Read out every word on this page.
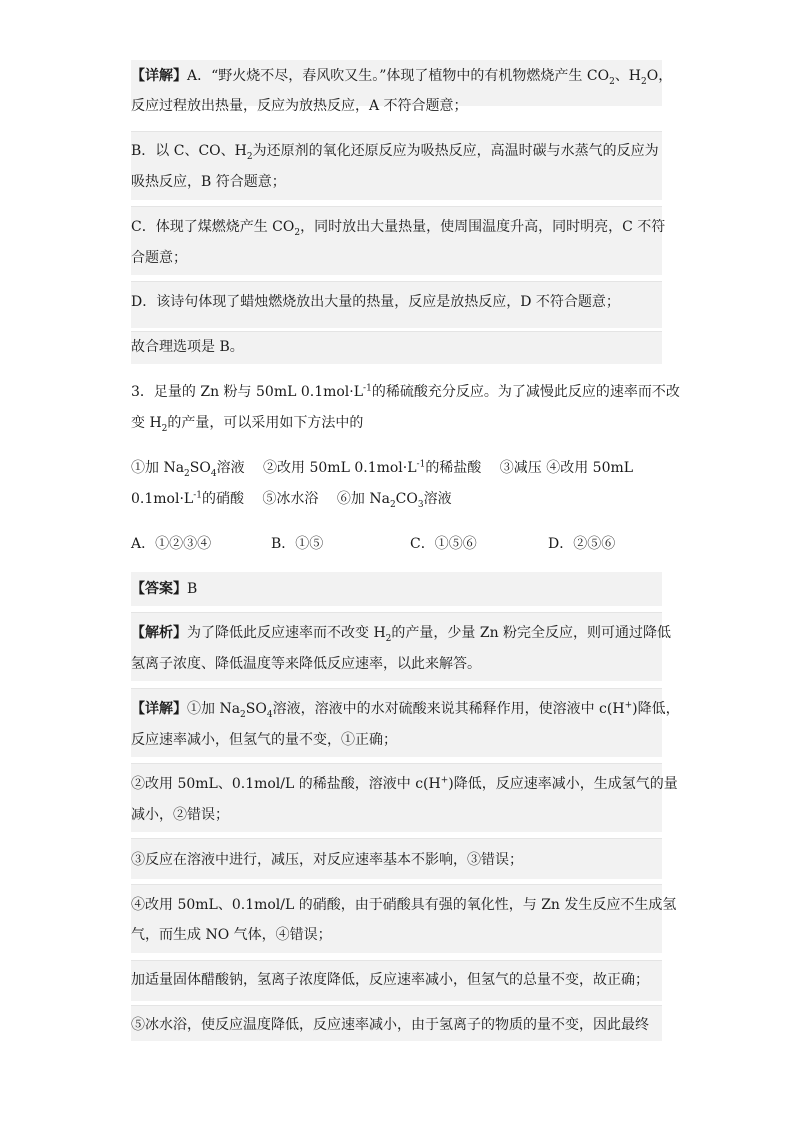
【详解】A．“野火烧不尽，春风吹又生。”体现了植物中的有机物燃烧产生 $CO_2$、$H_2O$，
反应过程放出热量，反应为放热反应，A 不符合题意；
B．以 C、CO、$H_2$为还原剂的氧化还原反应为吸热反应，高温时碳与水蒸气的反应为
吸热反应，B 符合题意；
C．体现了煤燃烧产生 $CO_2$，同时放出大量热量，使周围温度升高，同时明亮，C 不符
合题意；
D．该诗句体现了蜡烛燃烧放出大量的热量，反应是放热反应，D 不符合题意；
故合理选项是 B。
3．足量的 Zn 粉与 50mL $0.1mol\cdot L^{-1}$的稀硫酸充分反应。为了减慢此反应的速率而不改
变 $H_2$的产量，可以采用如下方法中的
①加 $Na_2SO_4$溶液　 ②改用 50mL $0.1mol\cdot L^{-1}$的稀盐酸　 ③减压 ④改用 50mL
$0.1mol\cdot L^{-1}$的硝酸　 ⑤冰水浴　 ⑥加 $Na_2CO_3$溶液
A．①②③④	B．①⑤	C．①⑤⑥	D．②⑤⑥
【答案】B
【解析】为了降低此反应速率而不改变 $H_2$的产量，少量 Zn 粉完全反应，则可通过降低
氢离子浓度、降低温度等来降低反应速率，以此来解答。
【详解】①加 $Na_2SO_4$溶液，溶液中的水对硫酸来说其稀释作用，使溶液中 c(H+)降低，
反应速率减小，但氢气的量不变，①正确；
②改用 50mL、0.1mol/L 的稀盐酸，溶液中 c(H+)降低，反应速率减小，生成氢气的量
减小，②错误；
③反应在溶液中进行，减压，对反应速率基本不影响，③错误；
④改用 50mL、0.1mol/L 的硝酸，由于硝酸具有强的氧化性，与 Zn 发生反应不生成氢
气，而生成 NO 气体，④错误；
加适量固体醋酸钠，氢离子浓度降低，反应速率减小，但氢气的总量不变，故正确；
⑤冰水浴，使反应温度降低，反应速率减小，由于氢离子的物质的量不变，因此最终
